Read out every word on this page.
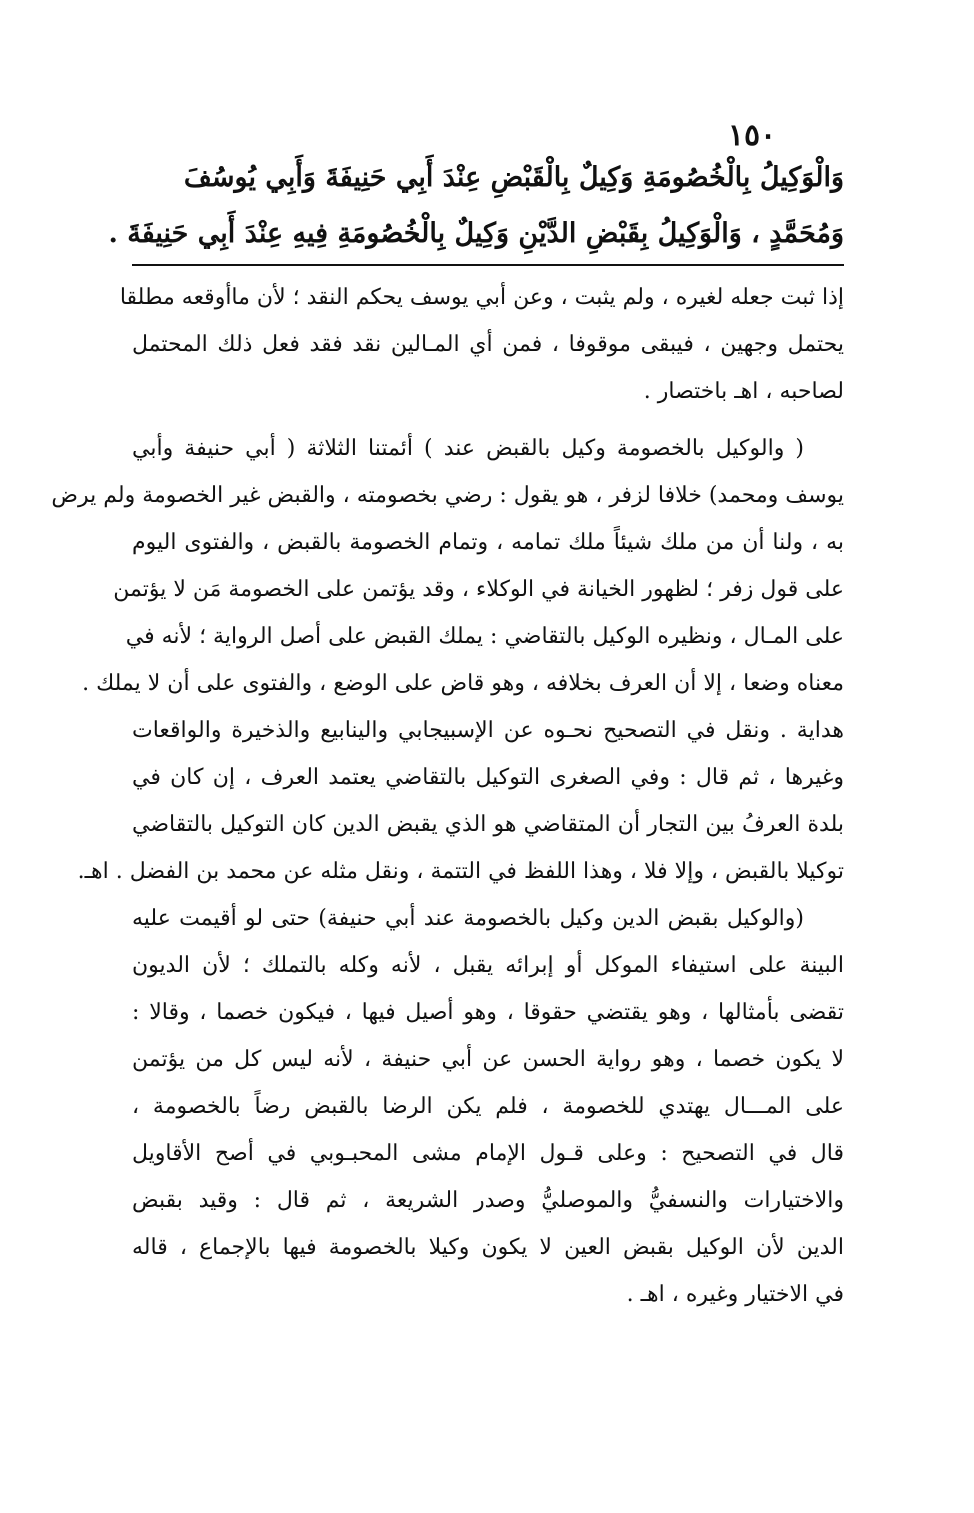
١٥٠
وَالْوَكِيلُ بِالْخُصُومَةِ وَكِيلٌ بِالْقَبْضِ عِنْدَ أَبِي حَنِيفَةَ وَأَبِي يُوسُفَ
وَمُحَمَّدٍ ، وَالْوَكِيلُ بِقَبْضِ الدَّيْنِ وَكِيلٌ بِالْخُصُومَةِ فِيهِ عِنْدَ أَبِي حَنِيفَةَ .
إذا ثبت جعله لغيره ، ولم يثبت ، وعن أبي يوسف يحكم النقد ؛ لأن ماأوقعه مطلقا
يحتمل وجهين ، فيبقى موقوفا ، فمن أي المـالين نقد فقد فعل ذلك المحتمل
لصاحبه ، اهـ باختصار .
( والوكيل بالخصومة وكيل بالقبض عند ) أئمتنا الثلاثة ( أبي حنيفة وأبي
يوسف ومحمد) خلافا لزفر ، هو يقول : رضي بخصومته ، والقبض غير الخصومة ولم يرض
به ، ولنا أن من ملك شيئاً ملك تمامه ، وتمام الخصومة بالقبض ، والفتوى اليوم
على قول زفر ؛ لظهور الخيانة في الوكلاء ، وقد يؤتمن على الخصومة مَن لا يؤتمن
على المـال ، ونظيره الوكيل بالتقاضي : يملك القبض على أصل الرواية ؛ لأنه في
معناه وضعا ، إلا أن العرف بخلافه ، وهو قاض على الوضع ، والفتوى على أن لا يملك .
هداية . ونقل في التصحيح نحـوه عن الإسبيجابي والينابيع والذخيرة والواقعات
وغيرها ، ثم قال : وفي الصغرى التوكيل بالتقاضي يعتمد العرف ، إن كان في
بلدة العرفُ بين التجار أن المتقاضي هو الذي يقبض الدين كان التوكيل بالتقاضي
توكيلا بالقبض ، وإلا فلا ، وهذا اللفظ في التتمة ، ونقل مثله عن محمد بن الفضل . اهـ.
(والوكيل بقبض الدين وكيل بالخصومة عند أبي حنيفة) حتى لو أقيمت عليه
البينة على استيفاء الموكل أو إبرائه يقبل ، لأنه وكله بالتملك ؛ لأن الديون
تقضى بأمثالها ، وهو يقتضي حقوقا ، وهو أصيل فيها ، فيكون خصما ، وقالا :
لا يكون خصما ، وهو رواية الحسن عن أبي حنيفة ، لأنه ليس كل من يؤتمن
على المـــال يهتدي للخصومة ، فلم يكن الرضا بالقبض رضاً بالخصومة ،
قال في التصحيح : وعلى قـول الإمام مشى المحبـوبي في أصح الأقاويل
والاختيارات والنسفيُّ والموصليُّ وصدر الشريعة ، ثم قال : وقيد بقبض
الدين لأن الوكيل بقبض العين لا يكون وكيلا بالخصومة فيها بالإجماع ، قاله
في الاختيار وغيره ، اهـ .
